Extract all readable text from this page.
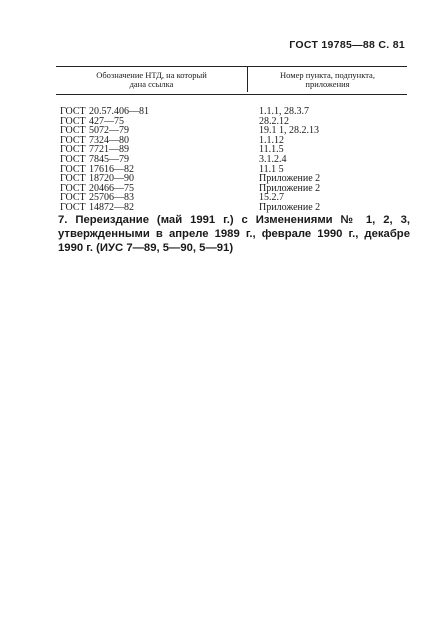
ГОСТ 19785—88 С. 81
Обозначение НТД, на который
дана ссылка
Номер пункта, подпункта,
приложения
ГОСТ 20.57.406—81
ГОСТ 427—75
ГОСТ 5072—79
ГОСТ 7324—80
ГОСТ 7721—89
ГОСТ 7845—79
ГОСТ 17616—82
ГОСТ 18720—90
ГОСТ 20466—75
ГОСТ 25706—83
ГОСТ 14872—82
1.1.1, 28.3.7
28.2.12
19.1 1, 28.2.13
1.1.12
11.1.5
3.1.2.4
11.1 5
Приложение 2
Приложение 2
15.2.7
Приложение 2
7. Переиздание (май 1991 г.) с Изменениями № 1, 2, 3, утвержденными в апреле 1989 г., феврале 1990 г., декабре 1990 г. (ИУС 7—89, 5—90, 5—91)
